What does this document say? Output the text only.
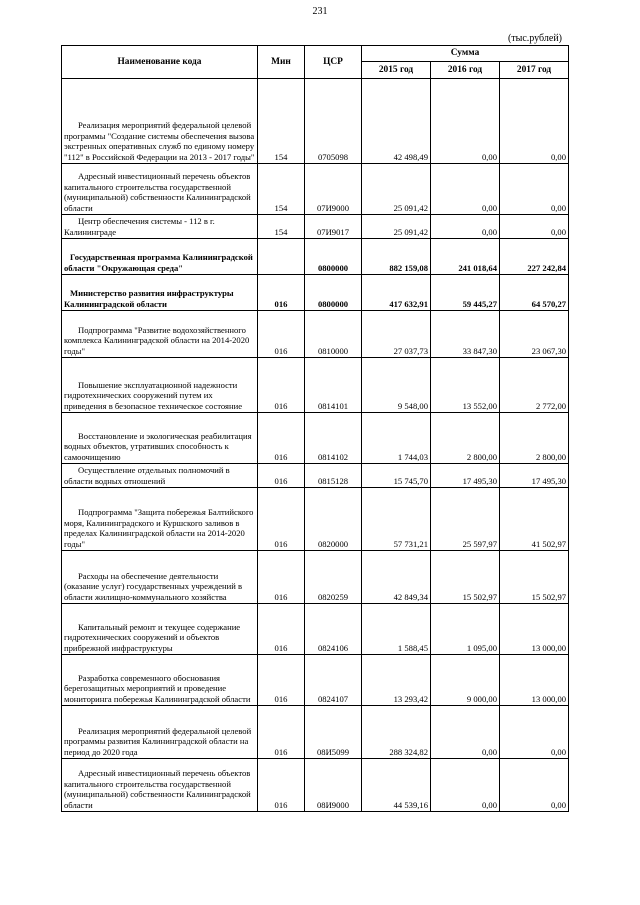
231
(тыс.рублей)
Наименование кода	Мин	ЦСР	Сумма		
			2015 год	2016 год	2017 год

Реализация мероприятий федеральной целевой программы "Создание системы обеспечения вызова экстренных оперативных служб по единому номеру "112" в Российской Федерации на 2013 - 2017 годы"	154	0705098	42 498,49	0,00	0,00

Адресный инвестиционный перечень объектов капитального строительства государственной (муниципальной) собственности Калининградской области	154	07И9000	25 091,42	0,00	0,00

Центр обеспечения системы - 112 в г. Калининграде	154	07И9017	25 091,42	0,00	0,00

Государственная программа Калининградской области "Окружающая среда"		0800000	882 159,08	241 018,64	227 242,84

Министерство развития инфраструктуры Калининградской области	016	0800000	417 632,91	59 445,27	64 570,27

Подпрограмма "Развитие водохозяйственного комплекса Калининградской области на 2014-2020 годы"	016	0810000	27 037,73	33 847,30	23 067,30

Повышение эксплуатационной надежности гидротехнических сооружений путем их приведения в безопасное техническое состояние	016	0814101	9 548,00	13 552,00	2 772,00

Восстановление и экологическая реабилитация водных объектов, утративших способность к самоочищению	016	0814102	1 744,03	2 800,00	2 800,00

Осуществление отдельных полномочий в области водных отношений	016	0815128	15 745,70	17 495,30	17 495,30

Подпрограмма "Защита побережья Балтийского моря, Калининградского и Куршского заливов в пределах Калининградской области на 2014-2020 годы"	016	0820000	57 731,21	25 597,97	41 502,97

Расходы на обеспечение деятельности (оказание услуг) государственных учреждений в области жилищно-коммунального хозяйства	016	0820259	42 849,34	15 502,97	15 502,97

Капитальный ремонт и текущее содержание гидротехнических сооружений и объектов прибрежной инфраструктуры	016	0824106	1 588,45	1 095,00	13 000,00

Разработка современного обоснования берегозащитных мероприятий и проведение мониторинга побережья Калининградской области	016	0824107	13 293,42	9 000,00	13 000,00

Реализация мероприятий федеральной целевой программы развития Калининградской области на период до 2020 года	016	08И5099	288 324,82	0,00	0,00

Адресный инвестиционный перечень объектов капитального строительства государственной (муниципальной) собственности Калининградской области	016	08И9000	44 539,16	0,00	0,00
